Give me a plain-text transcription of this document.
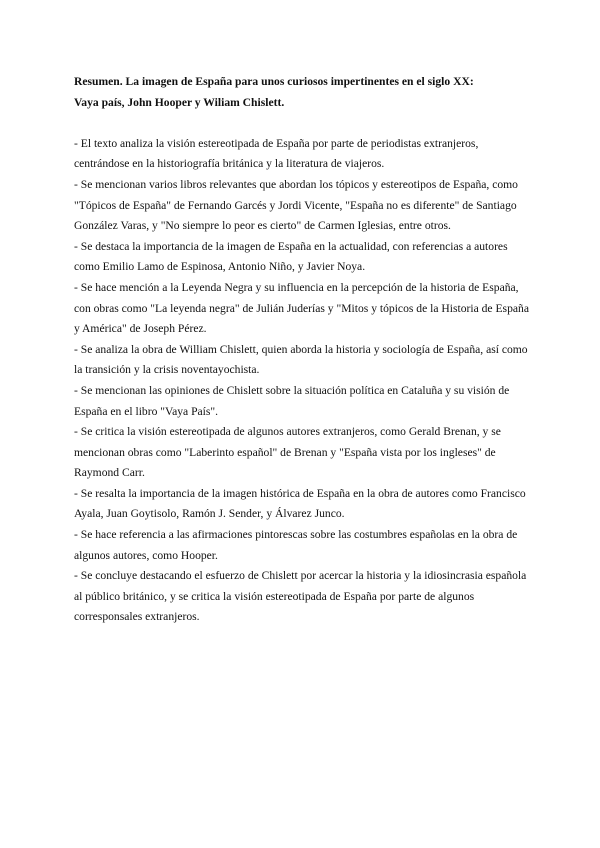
Resumen. La imagen de España para unos curiosos impertinentes en el siglo XX:
Vaya país, John Hooper y Wiliam Chislett.

- El texto analiza la visión estereotipada de España por parte de periodistas extranjeros, centrándose en la historiografía británica y la literatura de viajeros.

- Se mencionan varios libros relevantes que abordan los tópicos y estereotipos de España, como "Tópicos de España" de Fernando Garcés y Jordi Vicente, "España no es diferente" de Santiago González Varas, y "No siempre lo peor es cierto" de Carmen Iglesias, entre otros.

- Se destaca la importancia de la imagen de España en la actualidad, con referencias a autores como Emilio Lamo de Espinosa, Antonio Niño, y Javier Noya.

- Se hace mención a la Leyenda Negra y su influencia en la percepción de la historia de España, con obras como "La leyenda negra" de Julián Juderías y "Mitos y tópicos de la Historia de España y América" de Joseph Pérez.

- Se analiza la obra de William Chislett, quien aborda la historia y sociología de España, así como la transición y la crisis noventayochista.

- Se mencionan las opiniones de Chislett sobre la situación política en Cataluña y su visión de España en el libro "Vaya País".

- Se critica la visión estereotipada de algunos autores extranjeros, como Gerald Brenan, y se mencionan obras como "Laberinto español" de Brenan y "España vista por los ingleses" de Raymond Carr.

- Se resalta la importancia de la imagen histórica de España en la obra de autores como Francisco Ayala, Juan Goytisolo, Ramón J. Sender, y Álvarez Junco.

- Se hace referencia a las afirmaciones pintorescas sobre las costumbres españolas en la obra de algunos autores, como Hooper.

- Se concluye destacando el esfuerzo de Chislett por acercar la historia y la idiosincrasia española al público británico, y se critica la visión estereotipada de España por parte de algunos corresponsales extranjeros.
